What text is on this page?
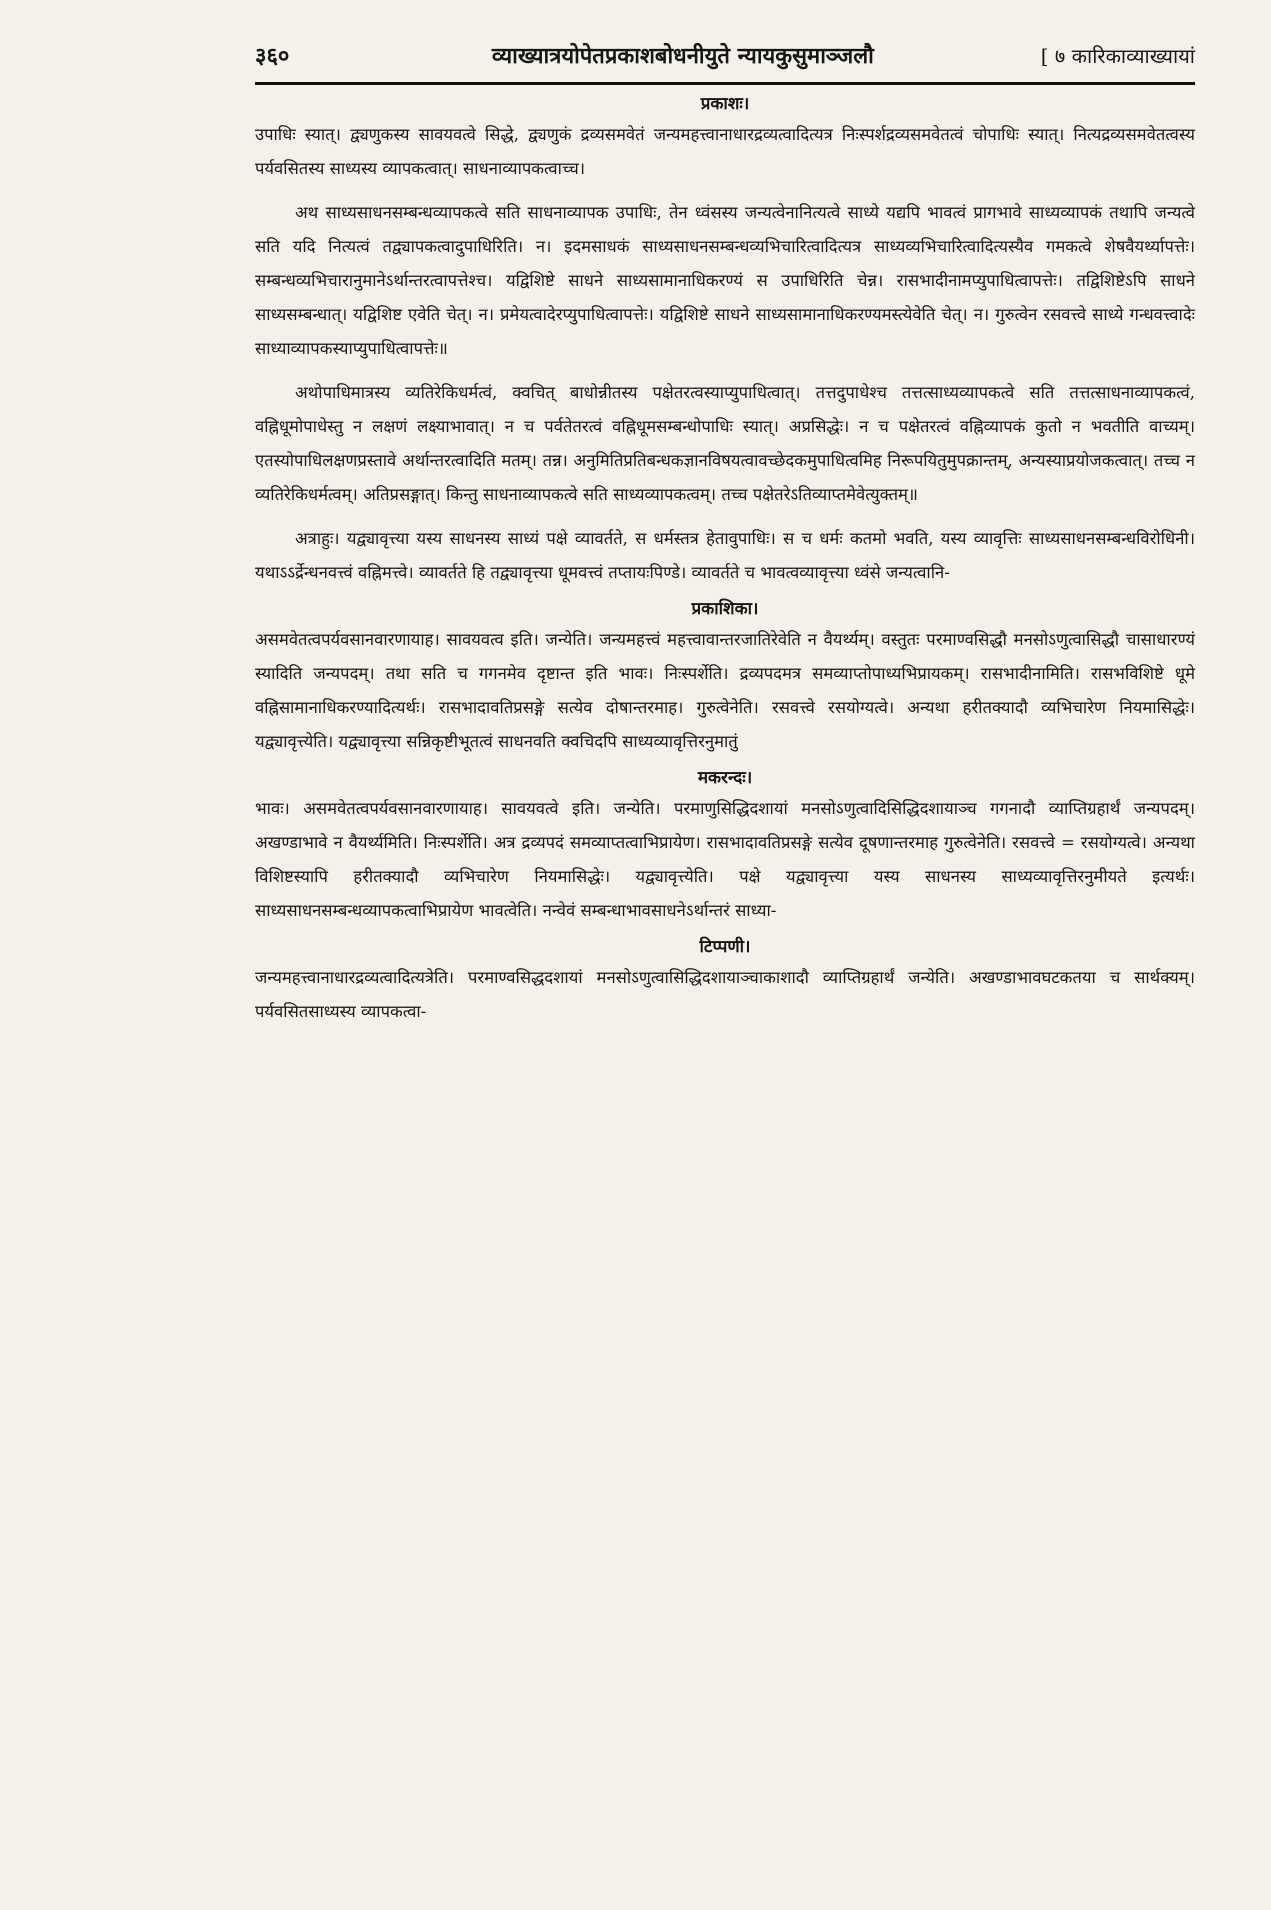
३६०	व्याख्यात्रयोपेतप्रकाशबोधनीयुते न्यायकुसुमाञ्जलौ	[ ७ कारिकाव्याख्यायां
प्रकाशः।

उपाधिः स्यात्। द्व्यणुकस्य सावयवत्वे सिद्धे, द्व्यणुकं द्रव्यसमवेतं जन्यमहत्त्वानाधारद्रव्यत्वादित्यत्र निःस्पर्शद्रव्यसमवेतत्वं चोपाधिः स्यात्। नित्यद्रव्यसमवेतत्वस्य पर्यवसितस्य साध्यस्य व्यापकत्वात्। साधनाव्यापकत्वाच्च।

अथ साध्यसाधनसम्बन्धव्यापकत्वे सति साधनाव्यापक उपाधिः, तेन ध्वंसस्य जन्यत्वेनानित्यत्वे साध्ये यद्यपि भावत्वं प्रागभावे साध्यव्यापकं तथापि जन्यत्वे सति यदि नित्यत्वं तद्व्यापकत्वादुपाधिरिति। न। इदमसाधकं साध्यसाधनसम्बन्धव्यभिचारित्वादित्यत्र साध्यव्यभिचारित्वादित्यस्यैव गमकत्वे शेषवैयर्थ्यापत्तेः। सम्बन्धव्यभिचारानुमानेऽर्थान्तरत्वापत्तेश्च। यद्विशिष्टे साधने साध्यसामानाधिकरण्यं स उपाधिरिति चेन्न। रासभादीनामप्युपाधित्वापत्तेः। तद्विशिष्टेऽपि साधने साध्यसम्बन्धात्। यद्विशिष्ट एवेति चेत्। न। प्रमेयत्वादेरप्युपाधित्वापत्तेः। यद्विशिष्टे साधने साध्यसामानाधिकरण्यमस्त्येवेति चेत्। न। गुरुत्वेन रसवत्त्वे साध्ये गन्धवत्त्वादेः साध्याव्यापकस्याप्युपाधित्वापत्तेः॥

अथोपाधिमात्रस्य व्यतिरेकिधर्मत्वं, क्वचित् बाधोन्नीतस्य पक्षेतरत्वस्याप्युपाधित्वात्। तत्तदुपाधेश्च तत्तत्साध्यव्यापकत्वे सति तत्तत्साधनाव्यापकत्वं, वह्निधूमोपाधेस्तु न लक्षणं लक्ष्याभावात्। न च पर्वतेतरत्वं वह्निधूमसम्बन्धोपाधिः स्यात्। अप्रसिद्धेः। न च पक्षेतरत्वं वह्निव्यापकं कुतो न भवतीति वाच्यम्। एतस्योपाधिलक्षणप्रस्तावे अर्थान्तरत्वादिति मतम्। तन्न। अनुमितिप्रतिबन्धकज्ञानविषयत्वावच्छेदकमुपाधित्वमिह निरूपयितुमुपक्रान्तम्, अन्यस्याप्रयोजकत्वात्। तच्च न व्यतिरेकिधर्मत्वम्। अतिप्रसङ्गात्। किन्तु साधनाव्यापकत्वे सति साध्यव्यापकत्वम्। तच्च पक्षेतरेऽतिव्याप्तमेवेत्युक्तम्॥

अत्राहुः। यद्व्यावृत्त्या यस्य साधनस्य साध्यं पक्षे व्यावर्तते, स धर्मस्तत्र हेतावुपाधिः। स च धर्मः कतमो भवति, यस्य व्यावृत्तिः साध्यसाधनसम्बन्धविरोधिनी। यथाऽऽर्द्रेन्धनवत्त्वं वह्निमत्त्वे। व्यावर्तते हि तद्व्यावृत्त्या धूमवत्त्वं तप्तायःपिण्डे। व्यावर्तते च भावत्वव्यावृत्त्या ध्वंसे जन्यत्वानि-

प्रकाशिका।

असमवेतत्वपर्यवसानवारणायाह। सावयवत्व इति। जन्येति। जन्यमहत्त्वं महत्त्वावान्तरजातिरेवेति न वैयर्थ्यम्। वस्तुतः परमाण्वसिद्धौ मनसोऽणुत्वासिद्धौ चासाधारण्यं स्यादिति जन्यपदम्। तथा सति च गगनमेव दृष्टान्त इति भावः। निःस्पर्शेति। द्रव्यपदमत्र समव्याप्तोपाध्यभिप्रायकम्। रासभादीनामिति। रासभविशिष्टे धूमे वह्निसामानाधिकरण्यादित्यर्थः। रासभादावतिप्रसङ्गे सत्येव दोषान्तरमाह। गुरुत्वेनेति। रसवत्त्वे रसयोग्यत्वे। अन्यथा हरीतक्यादौ व्यभिचारेण नियमासिद्धेः। यद्व्यावृत्त्येति। यद्व्यावृत्त्या सन्निकृष्टीभूतत्वं साधनवति क्वचिदपि साध्यव्यावृत्तिरनुमातुं

मकरन्दः।

भावः। असमवेतत्वपर्यवसानवारणायाह। सावयवत्वे इति। जन्येति। परमाणुसिद्धिदशायां मनसोऽणुत्वादिसिद्धिदशायाञ्च गगनादौ व्याप्तिग्रहार्थं जन्यपदम्। अखण्डाभावे न वैयर्थ्यमिति। निःस्पर्शेति। अत्र द्रव्यपदं समव्याप्तत्वाभिप्रायेण। रासभादावतिप्रसङ्गे सत्येव दूषणान्तरमाह गुरुत्वेनेति। रसवत्त्वे = रसयोग्यत्वे। अन्यथा विशिष्टस्यापि हरीतक्यादौ व्यभिचारेण नियमासिद्धेः। यद्व्यावृत्त्येति। पक्षे यद्व्यावृत्त्या यस्य साधनस्य साध्यव्यावृत्तिरनुमीयते इत्यर्थः। साध्यसाधनसम्बन्धव्यापकत्वाभिप्रायेण भावत्वेति। नन्वेवं सम्बन्धाभावसाधनेऽर्थान्तरं साध्या-

टिप्पणी।

जन्यमहत्त्वानाधारद्रव्यत्वादित्यत्रेति। परमाण्वसिद्धदशायां मनसोऽणुत्वासिद्धिदशायाञ्चाकाशादौ व्याप्तिग्रहार्थं जन्येति। अखण्डाभावघटकतया च सार्थक्यम्। पर्यवसितसाध्यस्य व्यापकत्वा-
